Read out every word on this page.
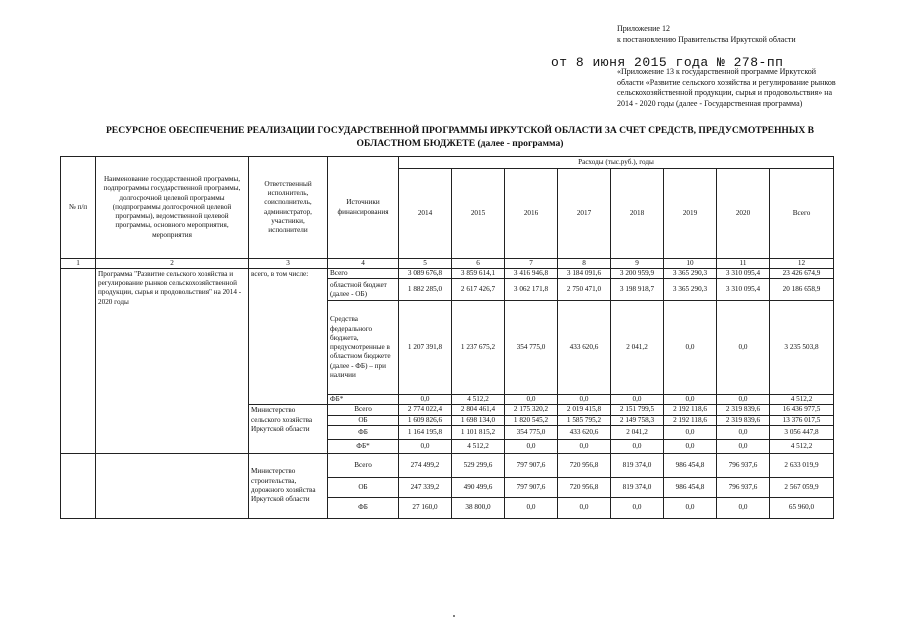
Приложение 12
к постановлению Правительства Иркутской области
от 8 июня 2015 года № 278-пп
«Приложение 13 к государственной программе Иркутской
области «Развитие сельского хозяйства и регулирование рынков
сельскохозяйственной продукции, сырья и продовольствия» на
2014 - 2020 годы (далее - Государственная программа)
РЕСУРСНОЕ ОБЕСПЕЧЕНИЕ РЕАЛИЗАЦИИ ГОСУДАРСТВЕННОЙ ПРОГРАММЫ ИРКУТСКОЙ ОБЛАСТИ ЗА СЧЕТ СРЕДСТВ, ПРЕДУСМОТРЕННЫХ В
ОБЛАСТНОМ БЮДЖЕТЕ (далее - программа)
№ п/п	Наименование государственной программы, подпрограммы государственной программы, долгосрочной целевой программы (подпрограммы долгосрочной целевой программы), ведомственной целевой программы, основного мероприятия, мероприятия	Ответственный исполнитель, соисполнитель, администратор, участники, исполнители	Источники финансирования	Расходы (тыс.руб.), годы							
				2014	2015	2016	2017	2018	2019	2020	Всего
1	2	3	4	5	6	7	8	9	10	11	12
	Программа "Развитие сельского хозяйства и регулирование рынков сельскохозяйственной продукции, сырья и продовольствия" на 2014 - 2020 годы	всего, в том числе:	Всего	3 089 676,8	3 859 614,1	3 416 946,8	3 184 091,6	3 200 959,9	3 365 290,3	3 310 095,4	23 426 674,9
			областной бюджет (далее - ОБ)	1 882 285,0	2 617 426,7	3 062 171,8	2 750 471,0	3 198 918,7	3 365 290,3	3 310 095,4	20 186 658,9
			Средства федерального бюджета, предусмотренные в областном бюджете (далее - ФБ) – при наличии	1 207 391,8	1 237 675,2	354 775,0	433 620,6	2 041,2	0,0	0,0	3 235 503,8
			ФБ*	0,0	4 512,2	0,0	0,0	0,0	0,0	0,0	4 512,2
		Министерство сельского хозяйства Иркутской области	Всего	2 774 022,4	2 804 461,4	2 175 320,2	2 019 415,8	2 151 799,5	2 192 118,6	2 319 839,6	16 436 977,5
			ОБ	1 609 826,6	1 698 134,0	1 820 545,2	1 585 795,2	2 149 758,3	2 192 118,6	2 319 839,6	13 376 017,5
			ФБ	1 164 195,8	1 101 815,2	354 775,0	433 620,6	2 041,2	0,0	0,0	3 056 447,8
			ФБ*	0,0	4 512,2	0,0	0,0	0,0	0,0	0,0	4 512,2
		Министерство строительства, дорожного хозяйства Иркутской области	Всего	274 499,2	529 299,6	797 907,6	720 956,8	819 374,0	986 454,8	796 937,6	2 633 019,9
			ОБ	247 339,2	490 499,6	797 907,6	720 956,8	819 374,0	986 454,8	796 937,6	2 567 059,9
			ФБ	27 160,0	38 800,0	0,0	0,0	0,0	0,0	0,0	65 960,0
